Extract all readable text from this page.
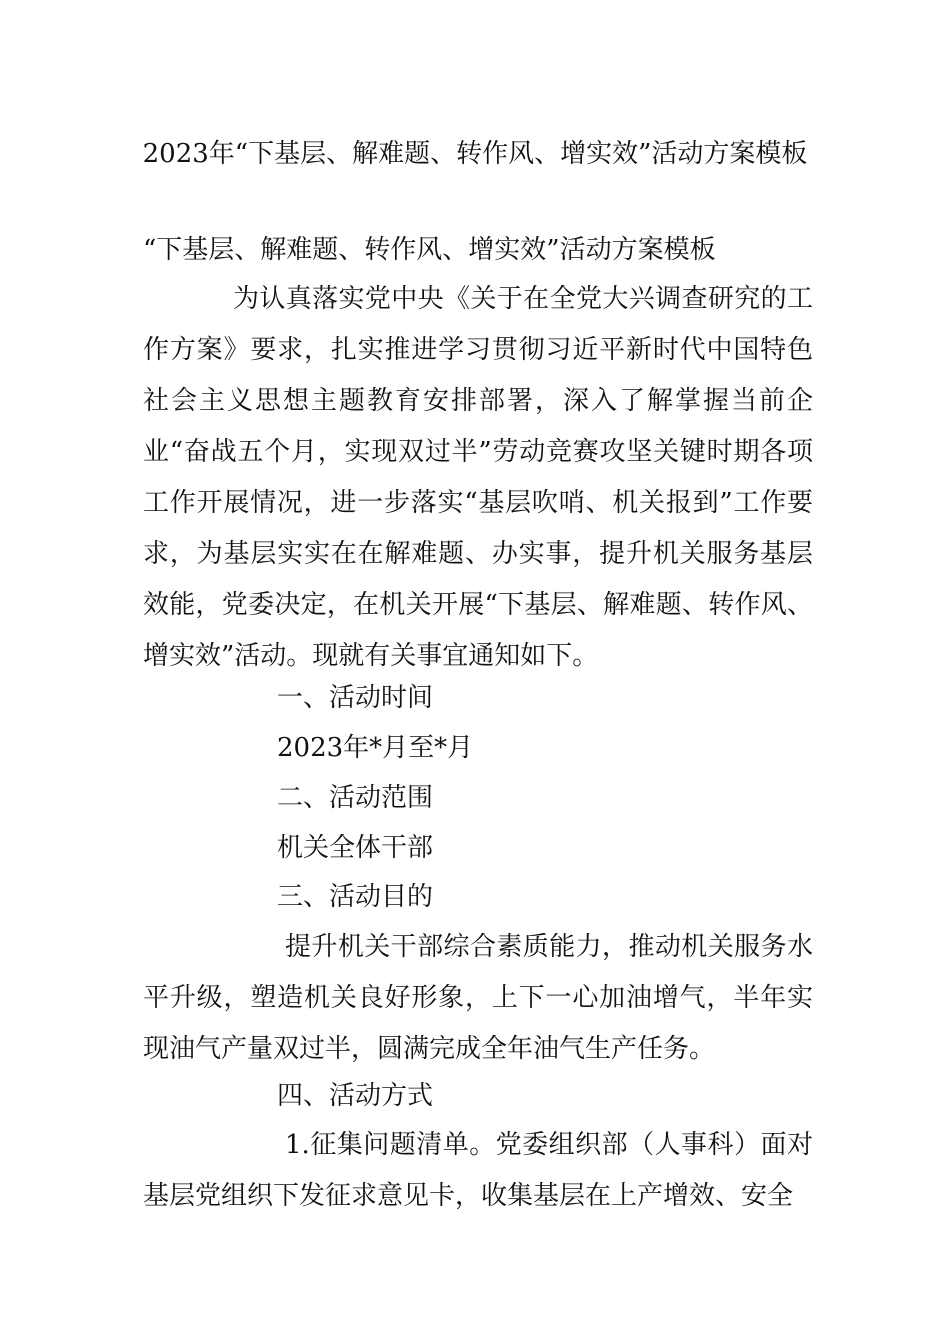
2023年“下基层、解难题、转作风、增实效”活动方案模板
“下基层、解难题、转作风、增实效”活动方案模板
为认真落实党中央《关于在全党大兴调查研究的工作方案》要求，扎实推进学习贯彻习近平新时代中国特色社会主义思想主题教育安排部署，深入了解掌握当前企业“奋战五个月，实现双过半”劳动竞赛攻坚关键时期各项工作开展情况，进一步落实“基层吹哨、机关报到”工作要求，为基层实实在在解难题、办实事，提升机关服务基层效能，党委决定，在机关开展“下基层、解难题、转作风、增实效”活动。现就有关事宜通知如下。
一、活动时间
2023年*月至*月
二、活动范围
机关全体干部
三、活动目的
提升机关干部综合素质能力，推动机关服务水平升级，塑造机关良好形象，上下一心加油增气，半年实现油气产量双过半，圆满完成全年油气生产任务。
四、活动方式
1.征集问题清单。党委组织部（人事科）面对基层党组织下发征求意见卡，收集基层在上产增效、安全
